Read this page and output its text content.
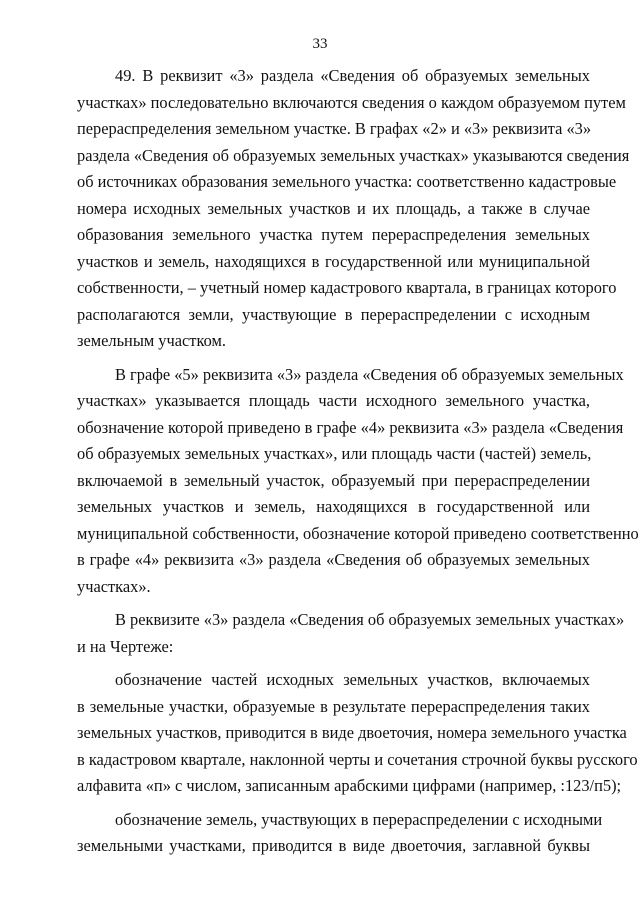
33
49. В реквизит «3» раздела «Сведения об образуемых земельных
участках» последовательно включаются сведения о каждом образуемом путем
перераспределения земельном участке. В графах «2» и «3» реквизита «3»
раздела «Сведения об образуемых земельных участках» указываются сведения
об источниках образования земельного участка: соответственно кадастровые
номера исходных земельных участков и их площадь, а также в случае
образования земельного участка путем перераспределения земельных
участков и земель, находящихся в государственной или муниципальной
собственности, – учетный номер кадастрового квартала, в границах которого
располагаются земли, участвующие в перераспределении с исходным
земельным участком.
В графе «5» реквизита «3» раздела «Сведения об образуемых земельных
участках» указывается площадь части исходного земельного участка,
обозначение которой приведено в графе «4» реквизита «3» раздела «Сведения
об образуемых земельных участках», или площадь части (частей) земель,
включаемой в земельный участок, образуемый при перераспределении
земельных участков и земель, находящихся в государственной или
муниципальной собственности, обозначение которой приведено соответственно
в графе «4» реквизита «3» раздела «Сведения об образуемых земельных
участках».
В реквизите «3» раздела «Сведения об образуемых земельных участках»
и на Чертеже:
обозначение частей исходных земельных участков, включаемых
в земельные участки, образуемые в результате перераспределения таких
земельных участков, приводится в виде двоеточия, номера земельного участка
в кадастровом квартале, наклонной черты и сочетания строчной буквы русского
алфавита «п» с числом, записанным арабскими цифрами (например, :123/п5);
обозначение земель, участвующих в перераспределении с исходными
земельными участками, приводится в виде двоеточия, заглавной буквы
